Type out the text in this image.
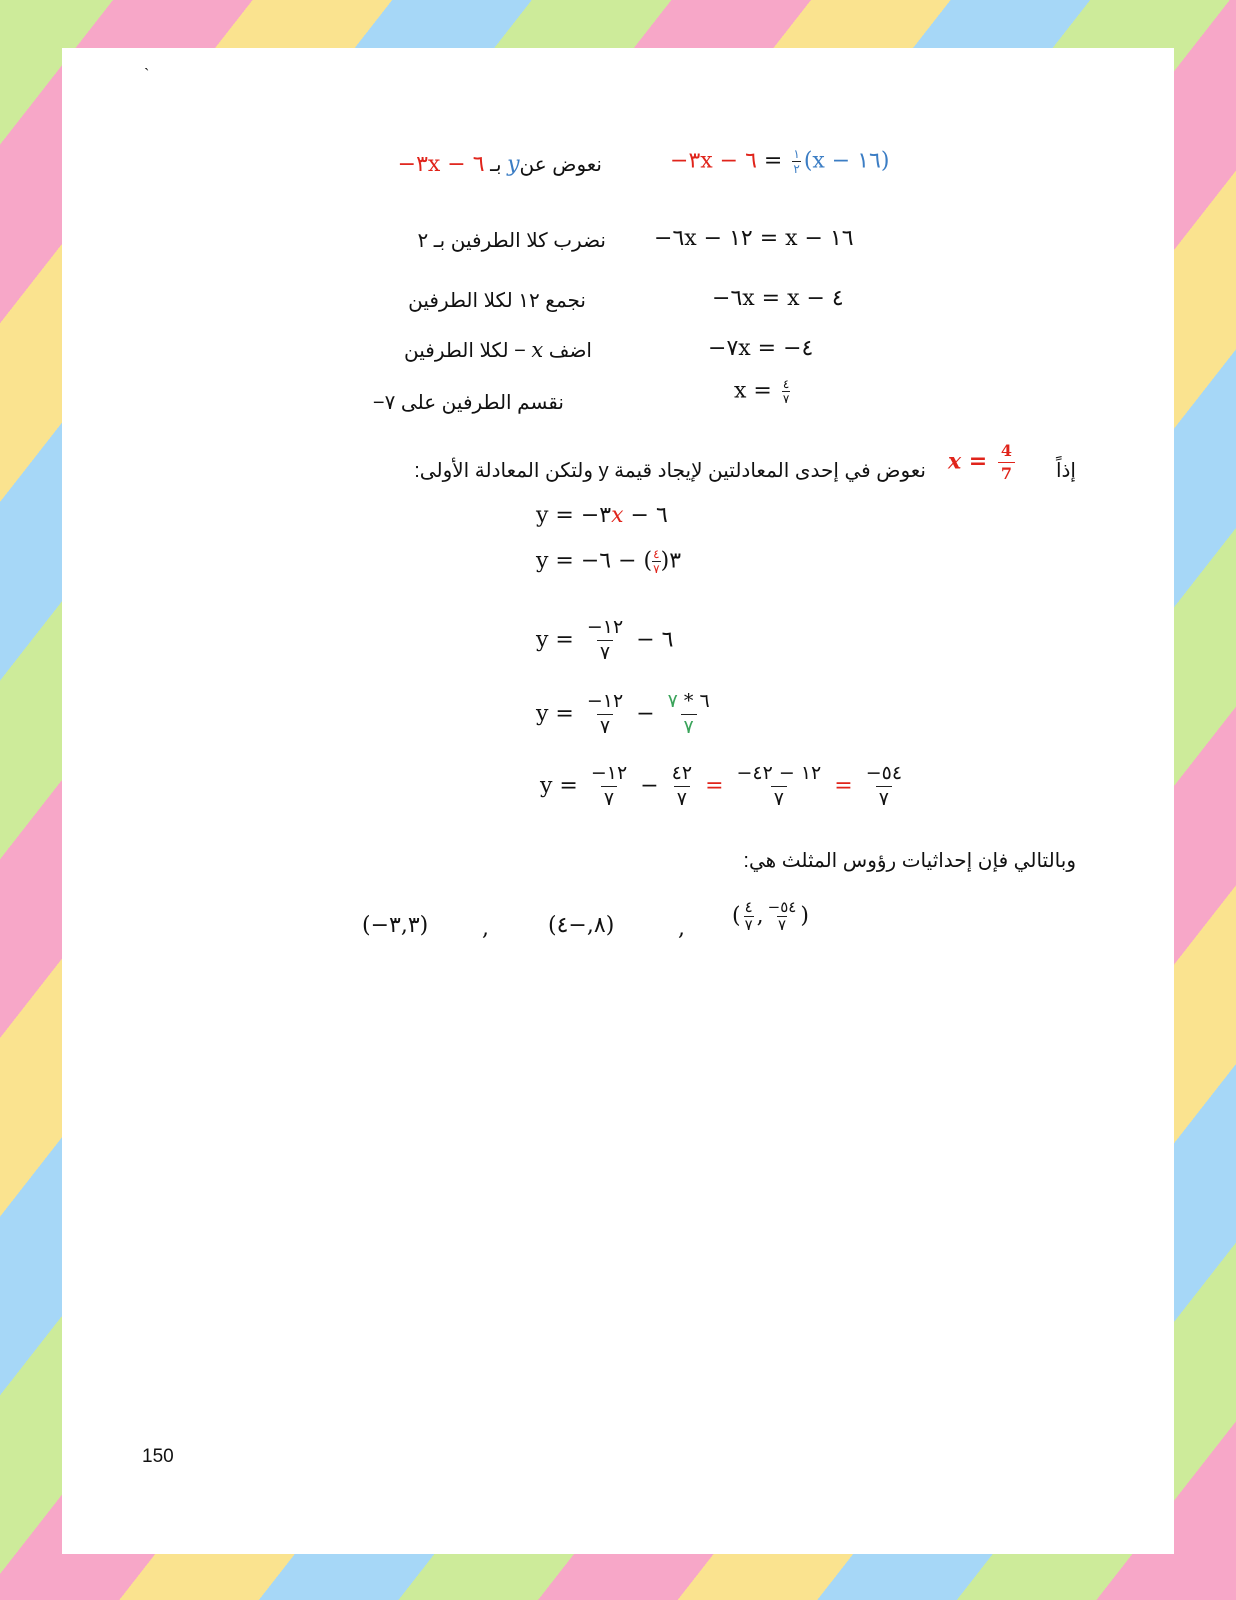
`
−٣x − ٦ = $\frac{١}{٢} (x$ − ١٦)
نعوض عنy بـ −٣x − ٦
−٦x − ١٢ = x − ١٦
نضرب كلا الطرفين بـ ٢
−٦x = x − ٤
نجمع ١٢ لكلا الطرفين
−٧x = −٤
اضف x − لكلا الطرفين
$x = \frac{٤}{٧}$
نقسم الطرفين على ٧−
إذاً
$x = \frac{4}{7}$
نعوض في إحدى المعادلتين لإيجاد قيمة y ولتكن المعادلة الأولى:
y = −٣x − ٦
y = −٣(
$\frac{٤}{٧}$
) − ٦
$y = \frac{-١٢}{٧}$ − ٦
$y = \frac{-١٢}{٧} - \frac{٦ * ٧}{٧}$
$y = \frac{-١٢}{٧} - \frac{٤٢}{٧} = \frac{-١٢ - ٤٢}{٧} = \frac{-٥٤}{٧}$
وبالتالي فإن إحداثيات رؤوس المثلث هي:
(−٣,٣) ,	(٨,−٤)	, ( $\frac{٤}{٧}$ , $\frac{-٥٤}{٧}$ )
150
